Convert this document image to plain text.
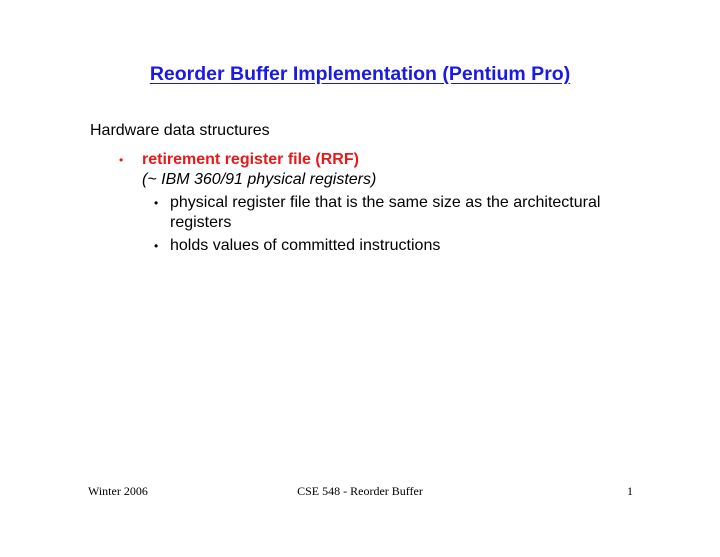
Reorder Buffer Implementation (Pentium Pro)
Hardware data structures
• retirement register file (RRF)
(~ IBM 360/91 physical registers)
• physical register file that is the same size as the architectural registers
• holds values of committed instructions
CSE 548 - Reorder Buffer
Winter 2006	1
